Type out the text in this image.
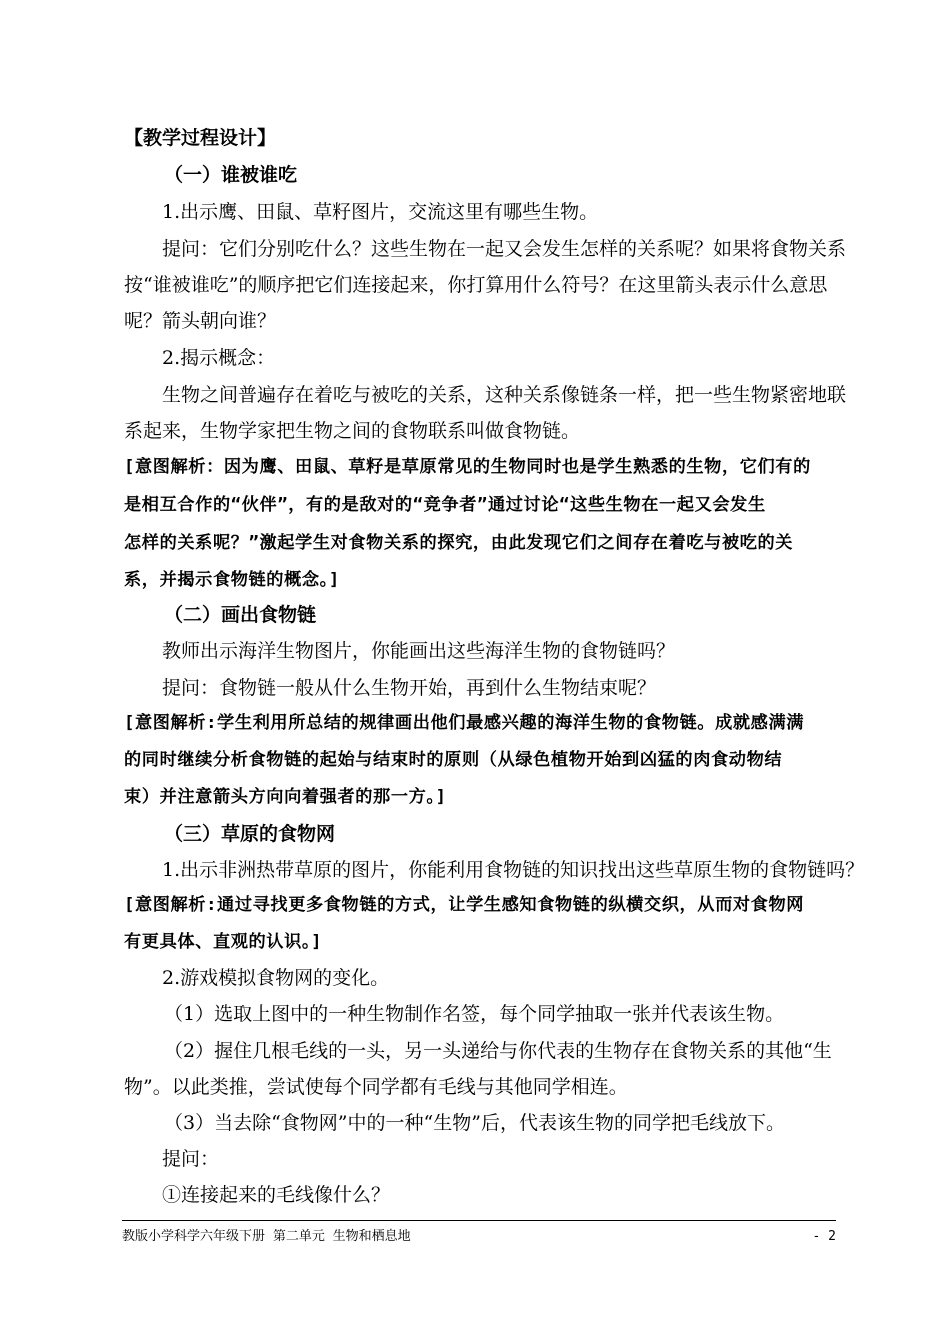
【教学过程设计】
（一）谁被谁吃
1.出示鹰、田鼠、草籽图片，交流这里有哪些生物。
提问：它们分别吃什么？这些生物在一起又会发生怎样的关系呢？如果将食物关系
按“谁被谁吃”的顺序把它们连接起来，你打算用什么符号？在这里箭头表示什么意思
呢？箭头朝向谁？
2.揭示概念：
生物之间普遍存在着吃与被吃的关系，这种关系像链条一样，把一些生物紧密地联
系起来，生物学家把生物之间的食物联系叫做食物链。
[意图解析：因为鹰、田鼠、草籽是草原常见的生物同时也是学生熟悉的生物，它们有的
是相互合作的“伙伴”，有的是敌对的“竞争者”通过讨论“这些生物在一起又会发生
怎样的关系呢？”激起学生对食物关系的探究，由此发现它们之间存在着吃与被吃的关
系，并揭示食物链的概念。]
（二）画出食物链
教师出示海洋生物图片，你能画出这些海洋生物的食物链吗？
提问：食物链一般从什么生物开始，再到什么生物结束呢？
[意图解析:学生利用所总结的规律画出他们最感兴趣的海洋生物的食物链。成就感满满
的同时继续分析食物链的起始与结束时的原则（从绿色植物开始到凶猛的肉食动物结
束）并注意箭头方向向着强者的那一方。]
（三）草原的食物网
1.出示非洲热带草原的图片，你能利用食物链的知识找出这些草原生物的食物链吗？
[意图解析:通过寻找更多食物链的方式，让学生感知食物链的纵横交织，从而对食物网
有更具体、直观的认识。]
2.游戏模拟食物网的变化。
（1）选取上图中的一种生物制作名签，每个同学抽取一张并代表该生物。
（2）握住几根毛线的一头，另一头递给与你代表的生物存在食物关系的其他“生
物”。以此类推，尝试使每个同学都有毛线与其他同学相连。
（3）当去除“食物网”中的一种“生物”后，代表该生物的同学把毛线放下。
提问：
①连接起来的毛线像什么？
教版小学科学六年级下册 第二单元 生物和栖息地	- 2
